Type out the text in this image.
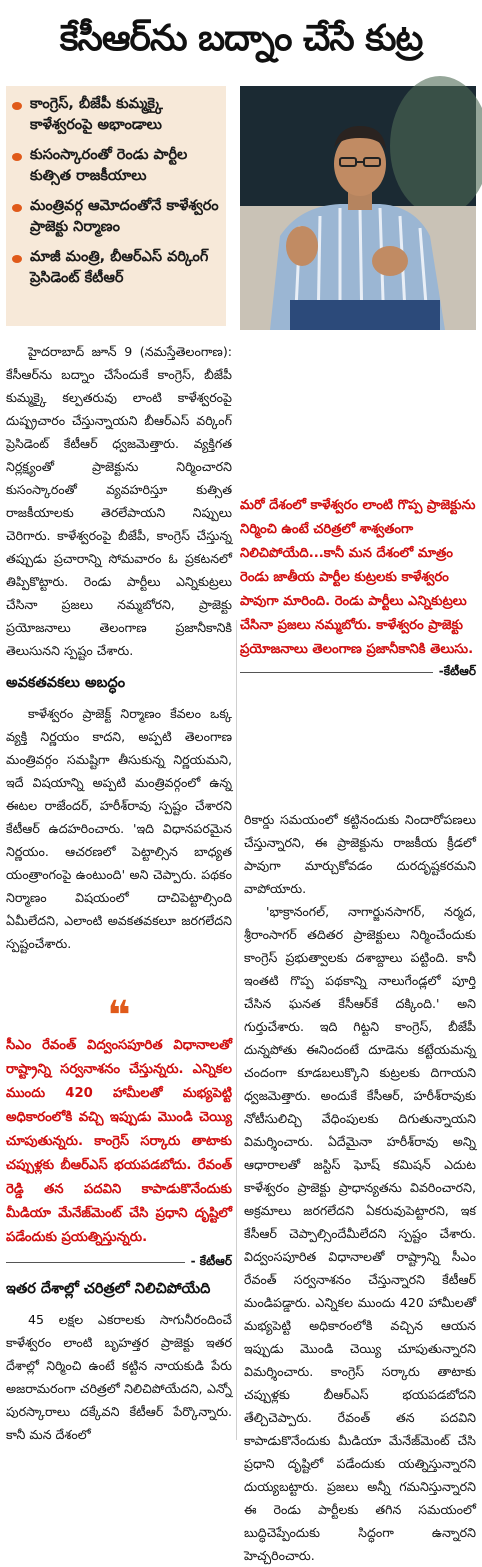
కేసీఆర్‌ను బద్నాం చేసే కుట్ర
కాంగ్రెస్, బీజేపీ కుమ్మక్కై కాళేశ్వరంపై అభాండాలు
కుసంస్కారంతో రెండు పార్టీల కుత్సిత రాజకీయాలు
మంత్రివర్గ ఆమోదంతోనే కాళేశ్వరం ప్రాజెక్టు నిర్మాణం
మాజీ మంత్రి, బీఆర్‌ఎస్ వర్కింగ్ ప్రెసిడెంట్ కేటీఆర్

హైదరాబాద్ జూన్ 9 (నమస్తేతెలంగాణ): కేసీఆర్‌ను బద్నాం చేసేందుకే కాంగ్రెస్, బీజేపీ కుమ్మక్కై కల్పతరువు లాంటి కాళేశ్వరంపై దుష్ప్రచారం చేస్తున్నాయని బీఆర్‌ఎస్ వర్కింగ్ ప్రెసిడెంట్ కేటీఆర్ ధ్వజమెత్తారు. వ్యక్తిగత నిర్లక్ష్యంతో ప్రాజెక్టును నిర్మించారని కుసంస్కారంతో వ్యవహరిస్తూ కుత్సిత రాజకీయాలకు తెరలేపాయని నిప్పులు చెరిగారు. కాళేశ్వరంపై బీజేపీ, కాంగ్రెస్ చేస్తున్న తప్పుడు ప్రచారాన్ని సోమవారం ఓ ప్రకటనలో తిప్పికొట్టారు. రెండు పార్టీలు ఎన్నికుట్రలు చేసినా ప్రజలు నమ్మబోరని, ప్రాజెక్టు ప్రయోజనాలు తెలంగాణ ప్రజానీకానికి తెలుసునని స్పష్టం చేశారు.

అవకతవకలు అబద్ధం

కాళేశ్వరం ప్రాజెక్ట్ నిర్మాణం కేవలం ఒక్క వ్యక్తి నిర్ణయం కాదని, అప్పటి తెలంగాణ మంత్రివర్గం సమష్టిగా తీసుకున్న నిర్ణయమని, ఇదే విషయాన్ని అప్పటి మంత్రివర్గంలో ఉన్న ఈటల రాజేందర్, హరీశ్‌రావు స్పష్టం చేశారని కేటీఆర్ ఉదహరించారు. 'ఇది విధానపరమైన నిర్ణయం. ఆచరణలో పెట్టాల్సిన బాధ్యత యంత్రాంగంపై ఉంటుంది' అని చెప్పారు. పథకం నిర్మాణం విషయంలో దాచిపెట్టాల్సింది ఏమీలేదని, ఎలాంటి అవకతవకలూ జరగలేదని స్పష్టంచేశారు.

మరో దేశంలో కాళేశ్వరం లాంటి గొప్ప ప్రాజెక్టును నిర్మించి ఉంటే చరిత్రలో శాశ్వతంగా నిలిచిపోయేది...కానీ మన దేశంలో మాత్రం రెండు జాతీయ పార్టీల కుట్రలకు కాళేశ్వరం పావుగా మారింది. రెండు పార్టీలు ఎన్నికుట్రలు చేసినా ప్రజలు నమ్మబోరు. కాళేశ్వరం ప్రాజెక్టు ప్రయోజనాలు తెలంగాణ ప్రజానీకానికి తెలుసు.
-కేటీఆర్
❝
సీఎం రేవంత్ విద్వంసపూరిత విధానాలతో రాష్ట్రాన్ని సర్వనాశనం చేస్తున్నరు. ఎన్నికల ముందు 420 హామీలతో మభ్యపెట్టి అధికారంలోకి వచ్చి ఇప్పుడు మొండి చెయ్యి చూపుతున్నరు. కాంగ్రెస్ సర్కారు తాటాకు చప్పుళ్లకు బీఆర్‌ఎస్ భయపడబోదు. రేవంత్ రెడ్డి తన పదవిని కాపాడుకొనేందుకు మీడియా మేనేజ్‌మెంట్ చేసి ప్రధాని దృష్టిలో పడేందుకు ప్రయత్నిస్తున్నరు.
- కేటీఆర్
ఇతర దేశాల్లో చరిత్రలో నిలిచిపోయేది

45 లక్షల ఎకరాలకు సాగునీరందించే కాళేశ్వరం లాంటి బృహత్తర ప్రాజెక్టు ఇతర దేశాల్లో నిర్మించి ఉంటే కట్టిన నాయకుడి పేరు అజరామరంగా చరిత్రలో నిలిచిపోయేదని, ఎన్నో పురస్కారాలు దక్కేవని కేటీఆర్ పేర్కొన్నారు. కానీ మన దేశంలో

రికార్డు సమయంలో కట్టినందుకు నిందారోపణలు చేస్తున్నారని, ఈ ప్రాజెక్టును రాజకీయ క్రీడలో పావుగా మార్చుకోవడం దురదృష్టకరమని వాపోయారు.

'భాక్రానంగల్, నాగార్జునసాగర్, నర్మద, శ్రీరాంసాగర్ తదితర ప్రాజెక్టులు నిర్మించేందుకు కాంగ్రెస్ ప్రభుత్వాలకు దశాబ్దాలు పట్టింది. కానీ ఇంతటి గొప్ప పథకాన్ని నాలుగేండ్లలో పూర్తి చేసిన ఘనత కేసీఆర్‌కే దక్కింది.' అని గుర్తుచేశారు. ఇది గిట్టని కాంగ్రెస్, బీజేపీ దున్నపోతు ఈనిందంటే దూడెను కట్టేయమన్న చందంగా కూడబలుక్కొని కుట్రలకు దిగాయని ధ్వజమెత్తారు. అందుకే కేసీఆర్, హరీశ్‌రావుకు నోటీసులిచ్చి వేధింపులకు దిగుతున్నాయని విమర్శించారు. ఏదేమైనా హరీశ్‌రావు అన్ని ఆధారాలతో జస్టిస్ ఘోష్ కమిషన్ ఎదుట కాళేశ్వరం ప్రాజెక్టు ప్రాధాన్యతను వివరించారని, అక్రమాలు జరగలేదని ఏకరువుపెట్టారని, ఇక కేసీఆర్ చెప్పాల్సిందేమీలేదని స్పష్టం చేశారు. విద్వంసపూరిత విధానాలతో రాష్ట్రాన్ని సీఎం రేవంత్ సర్వనాశనం చేస్తున్నారని కేటీఆర్ మండిపడ్డారు. ఎన్నికల ముందు 420 హామీలతో మభ్యపెట్టి అధికారంలోకి వచ్చిన ఆయన ఇప్పుడు మొండి చెయ్యి చూపుతున్నారని విమర్శించారు. కాంగ్రెస్ సర్కారు తాటాకు చప్పుళ్లకు బీఆర్‌ఎస్ భయపడబోదని తేల్చిచెప్పారు. రేవంత్ తన పదవిని కాపాడుకొనేందుకు మీడియా మేనేజ్‌మెంట్ చేసి ప్రధాని దృష్టిలో పడేందుకు యత్నిస్తున్నారని దుయ్యబట్టారు. ప్రజలు అన్నీ గమనిస్తున్నారని ఈ రెండు పార్టీలకు తగిన సమయంలో బుద్ధిచెప్పేందుకు సిద్ధంగా ఉన్నారని హెచ్చరించారు.
